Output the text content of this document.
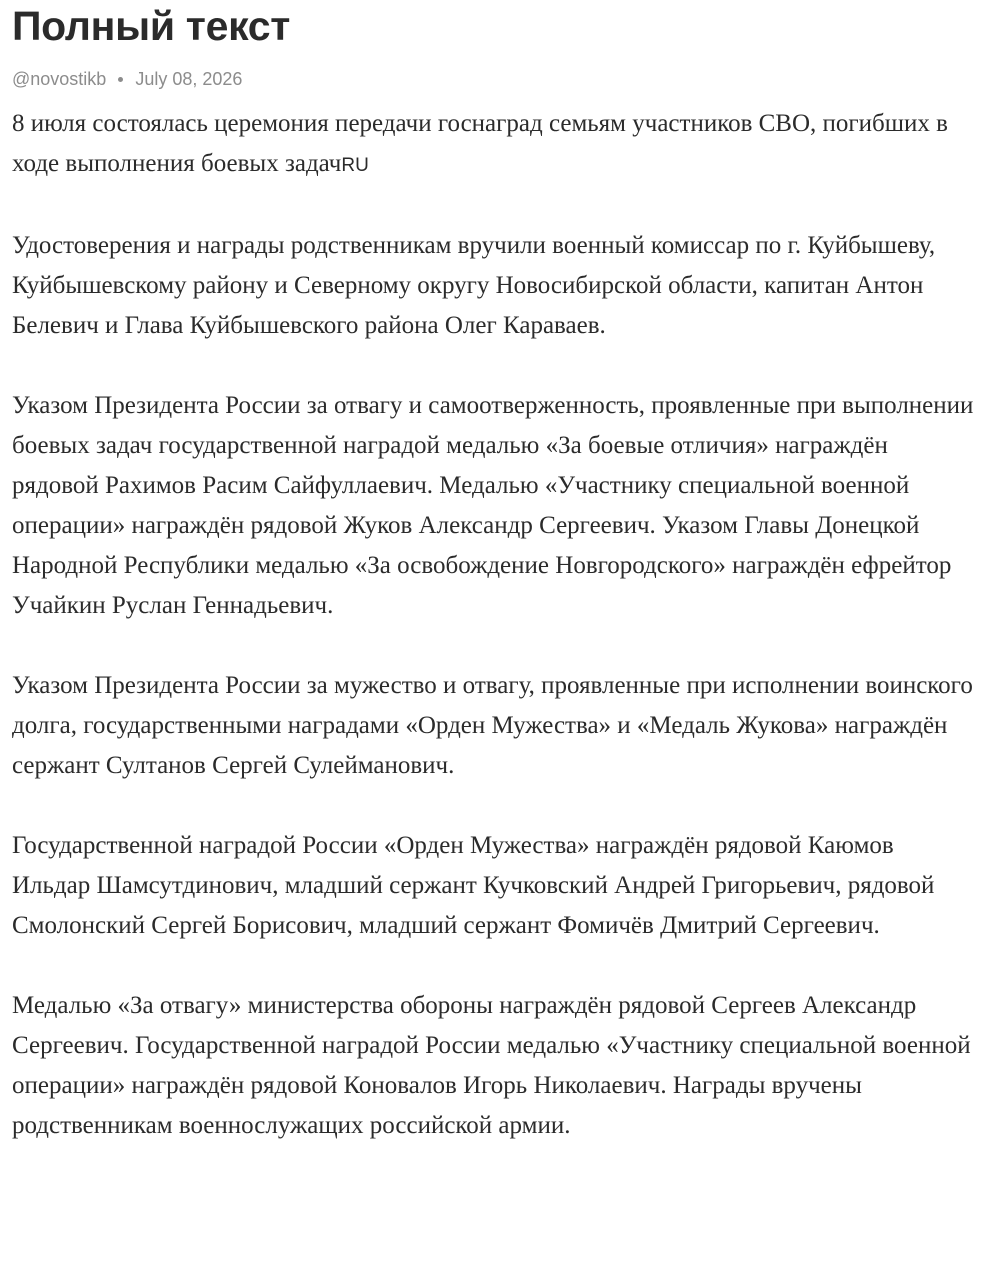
Полный текст
@novostikb July 08, 2026

8 июля состоялась церемония передачи госнаград семьям участников СВО, погибших в ходе выполнения боевых задачRU

Удостоверения и награды родственникам вручили военный комиссар по г. Куйбышеву, Куйбышевскому району и Северному округу Новосибирской области, капитан Антон Белевич и Глава Куйбышевского района Олег Караваев.

Указом Президента России за отвагу и самоотверженность, проявленные при выполнении боевых задач государственной наградой медалью «За боевые отличия» награждён рядовой Рахимов Расим Сайфуллаевич. Медалью «Участнику специальной военной операции» награждён рядовой Жуков Александр Сергеевич. Указом Главы Донецкой Народной Республики медалью «За освобождение Новгородского» награждён ефрейтор Учайкин Руслан Геннадьевич.

Указом Президента России за мужество и отвагу, проявленные при исполнении воинского долга, государственными наградами «Орден Мужества» и «Медаль Жукова» награждён сержант Султанов Сергей Сулейманович.

Государственной наградой России «Орден Мужества» награждён рядовой Каюмов Ильдар Шамсутдинович, младший сержант Кучковский Андрей Григорьевич, рядовой Смолонский Сергей Борисович, младший сержант Фомичёв Дмитрий Сергеевич.

Медалью «За отвагу» министерства обороны награждён рядовой Сергеев Александр Сергеевич. Государственной наградой России медалью «Участнику специальной военной операции» награждён рядовой Коновалов Игорь Николаевич. Награды вручены родственникам военнослужащих российской армии.
